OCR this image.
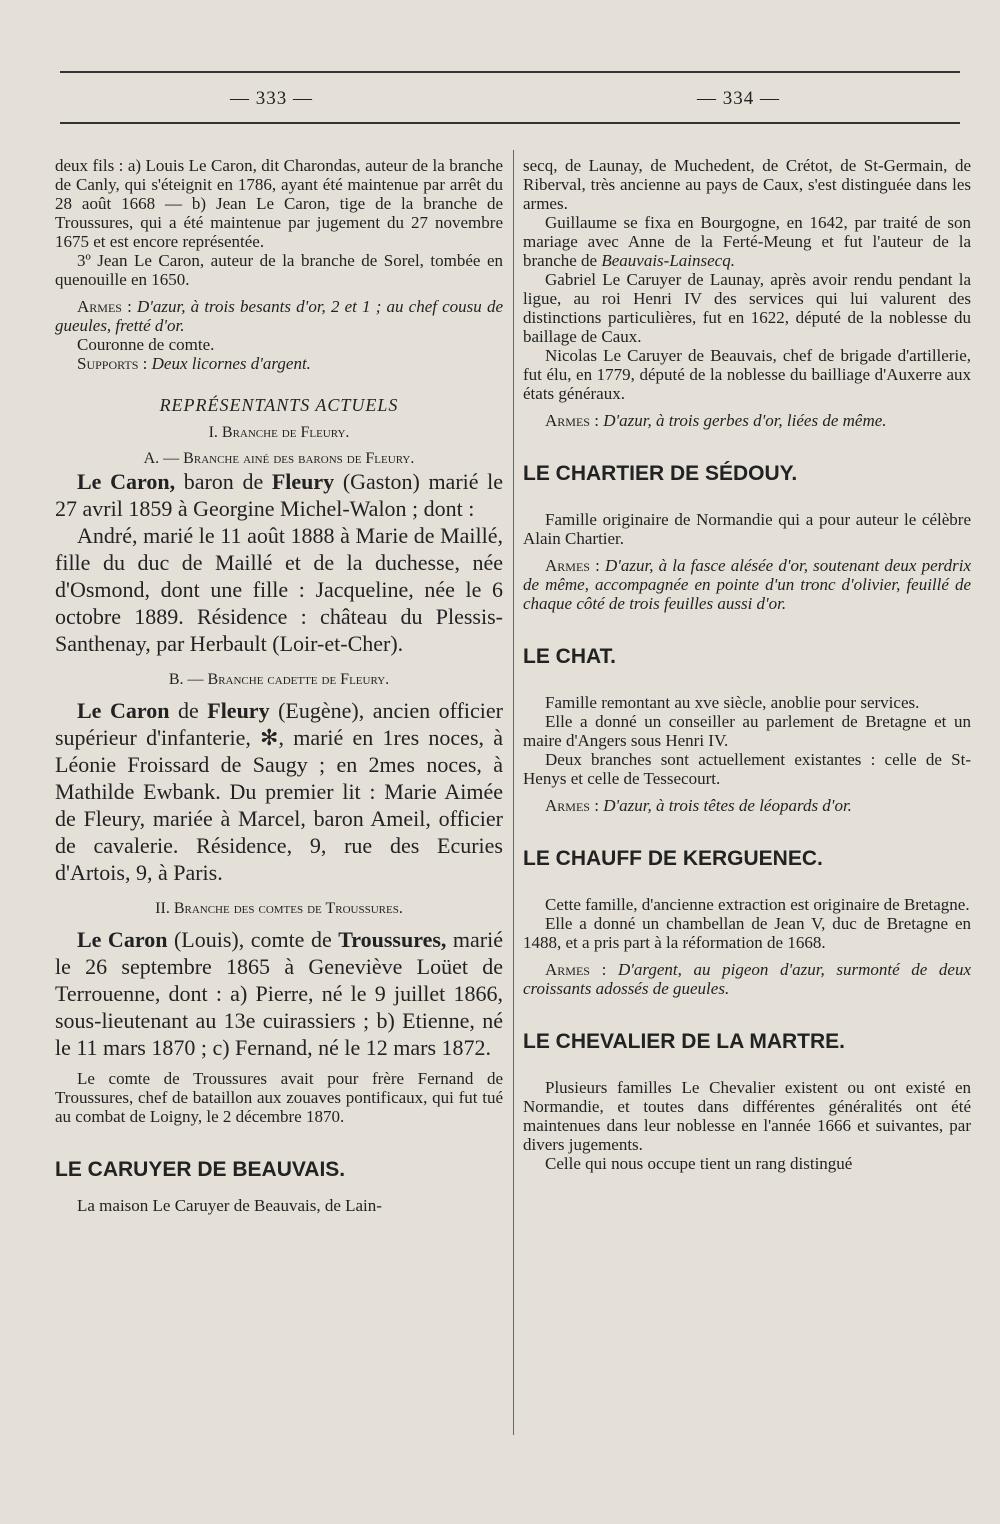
— 333 —	— 334 —

deux fils : a) Louis Le Caron, dit Charondas, auteur de la branche de Canly, qui s'éteignit en 1786, ayant été maintenue par arrêt du 28 août 1668 — b) Jean Le Caron, tige de la branche de Troussures, qui a été maintenue par jugement du 27 novembre 1675 et est encore représentée.

3º Jean Le Caron, auteur de la branche de Sorel, tombée en quenouille en 1650.

Armes : D'azur, à trois besants d'or, 2 et 1 ; au chef cousu de gueules, fretté d'or.

Couronne de comte.

Supports : Deux licornes d'argent.

REPRÉSENTANTS ACTUELS
I. Branche de Fleury.
A. — Branche ainé des barons de Fleury.

Le Caron, baron de Fleury (Gaston) marié le 27 avril 1859 à Georgine Michel-Walon ; dont :

André, marié le 11 août 1888 à Marie de Maillé, fille du duc de Maillé et de la duchesse, née d'Osmond, dont une fille : Jacqueline, née le 6 octobre 1889. Résidence : château du Plessis-Santhenay, par Herbault (Loir-et-Cher).

B. — Branche cadette de Fleury.

Le Caron de Fleury (Eugène), ancien officier supérieur d'infanterie, ✻, marié en 1res noces, à Léonie Froissard de Saugy ; en 2mes noces, à Mathilde Ewbank. Du premier lit : Marie Aimée de Fleury, mariée à Marcel, baron Ameil, officier de cavalerie. Résidence, 9, rue des Ecuries d'Artois, 9, à Paris.

II. Branche des comtes de Troussures.

Le Caron (Louis), comte de Troussures, marié le 26 septembre 1865 à Geneviève Loüet de Terrouenne, dont : a) Pierre, né le 9 juillet 1866, sous-lieutenant au 13e cuirassiers ; b) Etienne, né le 11 mars 1870 ; c) Fernand, né le 12 mars 1872.

Le comte de Troussures avait pour frère Fernand de Troussures, chef de bataillon aux zouaves pontificaux, qui fut tué au combat de Loigny, le 2 décembre 1870.

LE CARUYER DE BEAUVAIS.

La maison Le Caruyer de Beauvais, de Lain-

secq, de Launay, de Muchedent, de Crétot, de St-Germain, de Riberval, très ancienne au pays de Caux, s'est distinguée dans les armes.

Guillaume se fixa en Bourgogne, en 1642, par traité de son mariage avec Anne de la Ferté-Meung et fut l'auteur de la branche de Beauvais-Lainsecq.

Gabriel Le Caruyer de Launay, après avoir rendu pendant la ligue, au roi Henri IV des services qui lui valurent des distinctions particulières, fut en 1622, député de la noblesse du baillage de Caux.

Nicolas Le Caruyer de Beauvais, chef de brigade d'artillerie, fut élu, en 1779, député de la noblesse du bailliage d'Auxerre aux états généraux.

Armes : D'azur, à trois gerbes d'or, liées de même.

LE CHARTIER DE SÉDOUY.

Famille originaire de Normandie qui a pour auteur le célèbre Alain Chartier.

Armes : D'azur, à la fasce alésée d'or, soutenant deux perdrix de même, accompagnée en pointe d'un tronc d'olivier, feuillé de chaque côté de trois feuilles aussi d'or.

LE CHAT.

Famille remontant au xve siècle, anoblie pour services.

Elle a donné un conseiller au parlement de Bretagne et un maire d'Angers sous Henri IV.

Deux branches sont actuellement existantes : celle de St-Henys et celle de Tessecourt.

Armes : D'azur, à trois têtes de léopards d'or.

LE CHAUFF DE KERGUENEC.

Cette famille, d'ancienne extraction est originaire de Bretagne.

Elle a donné un chambellan de Jean V, duc de Bretagne en 1488, et a pris part à la réformation de 1668.

Armes : D'argent, au pigeon d'azur, surmonté de deux croissants adossés de gueules.

LE CHEVALIER DE LA MARTRE.

Plusieurs familles Le Chevalier existent ou ont existé en Normandie, et toutes dans différentes généralités ont été maintenues dans leur noblesse en l'année 1666 et suivantes, par divers jugements.

Celle qui nous occupe tient un rang distingué
